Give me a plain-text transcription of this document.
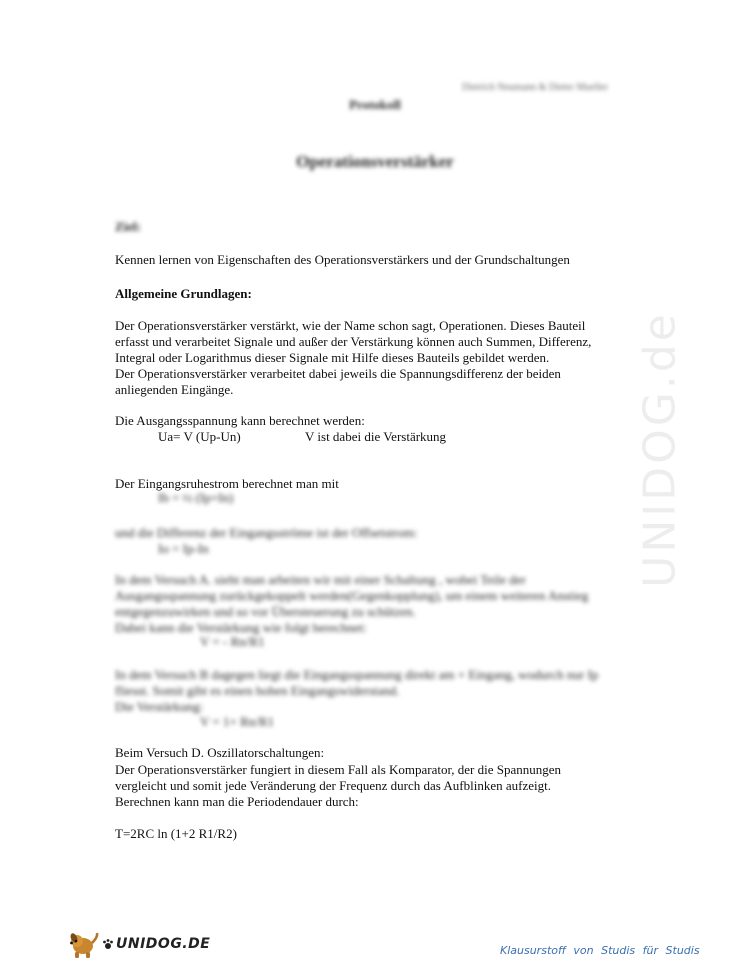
UNIDOG.de
Dietrich Neumann & Dieter Mueller
Protokoll
Operationsverstärker
Ziel:
Kennen lernen von Eigenschaften des Operationsverstärkers und der Grundschaltungen
Allgemeine Grundlagen:
Der Operationsverstärker verstärkt, wie der Name schon sagt, Operationen. Dieses Bauteil
erfasst und verarbeitet Signale und außer der Verstärkung können auch Summen, Differenz,
Integral oder Logarithmus dieser Signale mit Hilfe dieses Bauteils gebildet werden.
Der Operationsverstärker verarbeitet dabei jeweils die Spannungsdifferenz der beiden
anliegenden Eingänge.
Die Ausgangsspannung kann berechnet werden:
Ua= V (Up-Un)	V ist dabei die Verstärkung
Der Eingangsruhestrom berechnet man mit
Ib = ½ (Ip+In)
und die Differenz der Eingangsströme ist der Offsetstrom:
Io = Ip-In
In dem Versuch A. sieht man arbeiten wir mit einer Schaltung , wobei Teile der
Ausgangsspannung zurückgekoppelt werden(Gegenkopplung), um einem weiteren Anstieg
entgegenzuwirken und so vor Übersteuerung zu schützen.
Dabei kann die Verstärkung wie folgt berechnet:
V = - Rn/R1
In dem Versuch B dagegen liegt die Eingangsspannung direkt am + Eingang, wodurch nur Ip
fliesst. Somit gibt es einen hohen Eingangswiderstand.
Die Verstärkung:
V = 1+ Rn/R1
Beim Versuch D. Oszillatorschaltungen:
Der Operationsverstärker fungiert in diesem Fall als Komparator, der die Spannungen
vergleicht und somit jede Veränderung der Frequenz durch das Aufblinken aufzeigt.
Berechnen kann man die Periodendauer durch:
T=2RC ln (1+2 R1/R2)
UNIDOG.DE	Klausurstoff von Studis für Studis
